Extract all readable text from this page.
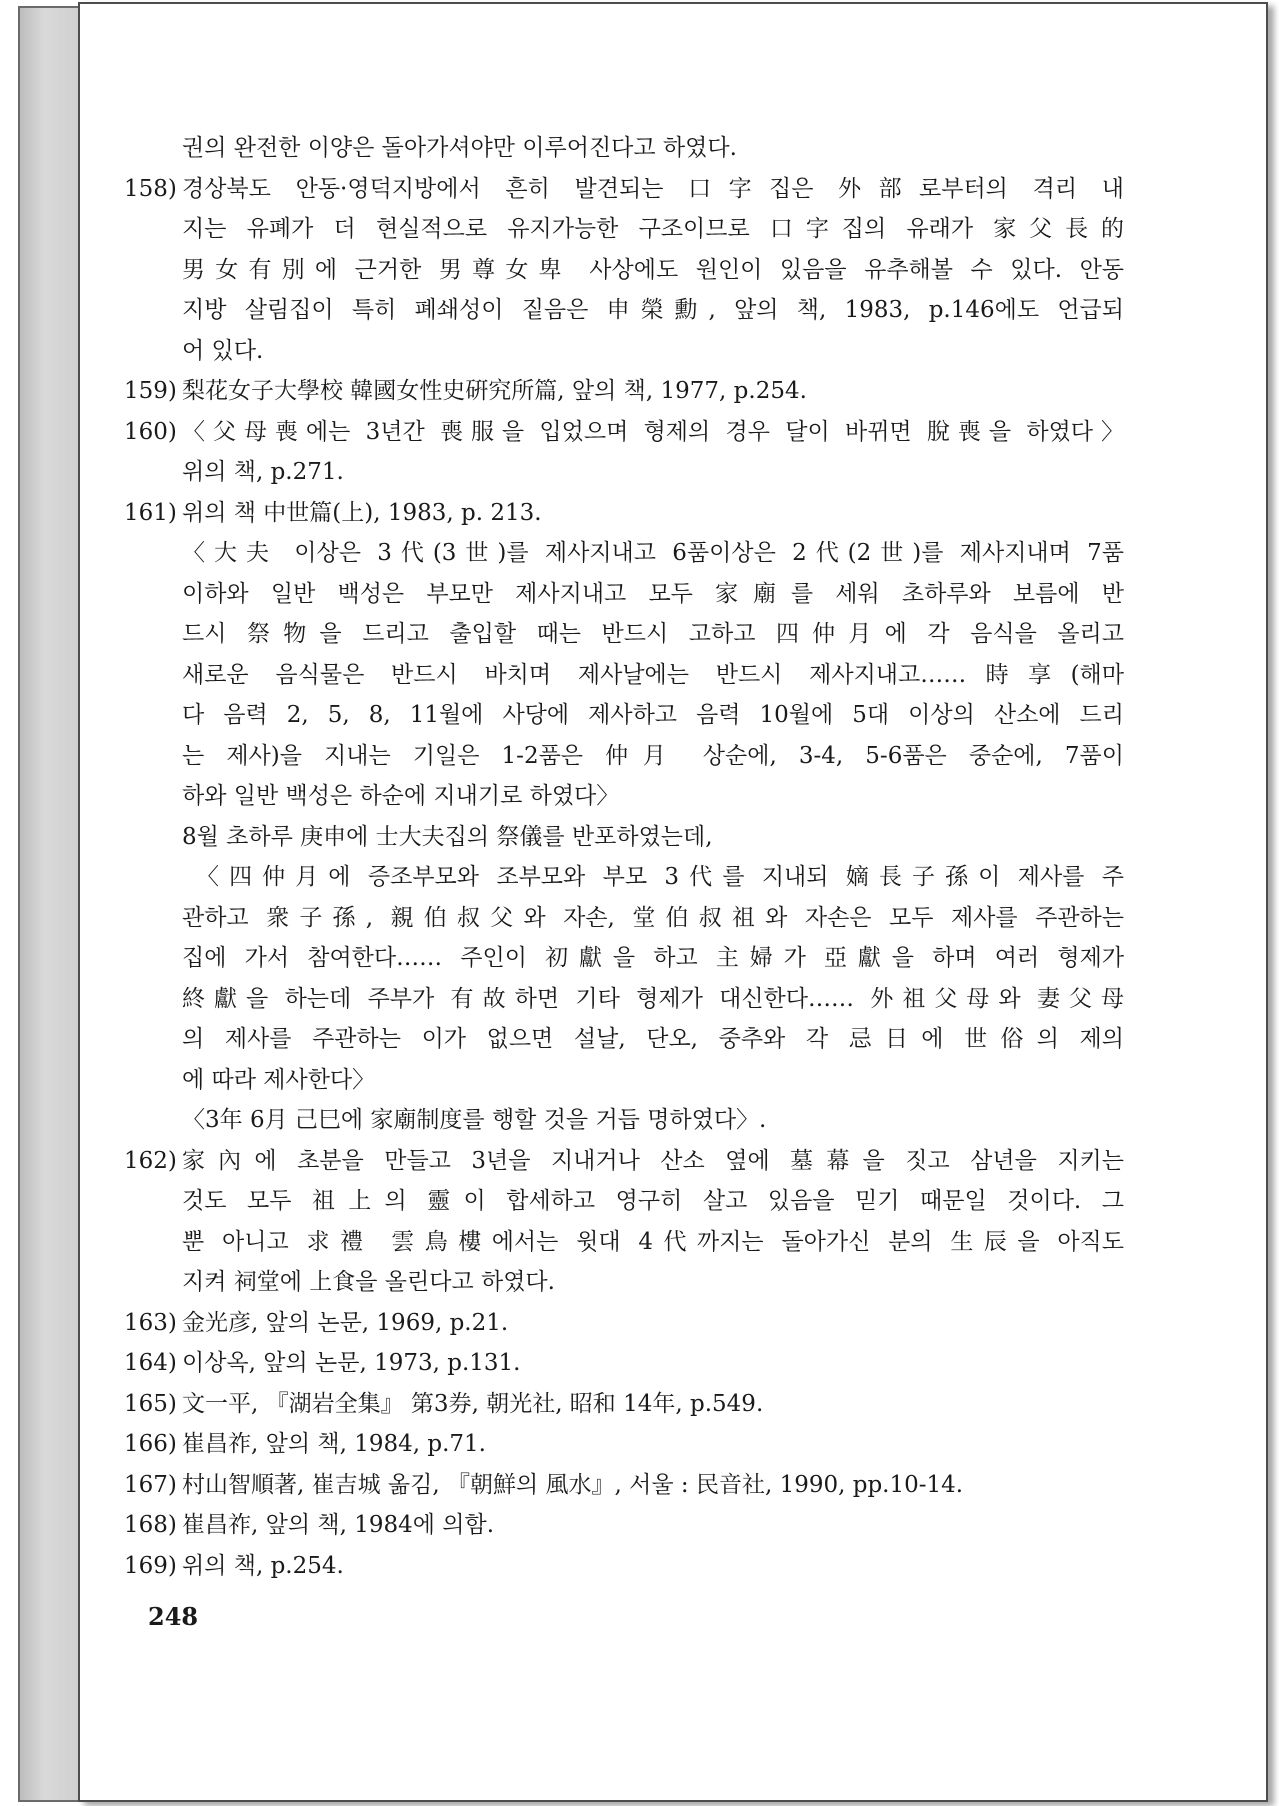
권의 완전한 이양은 돌아가셔야만 이루어진다고 하였다.
158) 경상북도 안동·영덕지방에서 흔히 발견되는 口字집은 外部로부터의 격리 내
지는 유폐가 더 현실적으로 유지가능한 구조이므로 口字집의 유래가 家父長的
男女有別에 근거한 男尊女卑 사상에도 원인이 있음을 유추해볼 수 있다. 안동
지방 살림집이 특히 폐쇄성이 짙음은 申榮勳, 앞의 책, 1983, p.146에도 언급되
어 있다.
159) 梨花女子大學校 韓國女性史硏究所篇, 앞의 책, 1977, p.254.
160) 〈父母喪에는 3년간 喪服을 입었으며 형제의 경우 달이 바뀌면 脫喪을 하였다〉
위의 책, p.271.
161) 위의 책 中世篇(上), 1983, p. 213.
〈大夫 이상은 3代(3世)를 제사지내고 6품이상은 2代(2世)를 제사지내며 7품
이하와 일반 백성은 부모만 제사지내고 모두 家廟를 세워 초하루와 보름에 반
드시 祭物을 드리고 출입할 때는 반드시 고하고 四仲月에 각 음식을 올리고
새로운 음식물은 반드시 바치며 제사날에는 반드시 제사지내고……時享(해마
다 음력 2, 5, 8, 11월에 사당에 제사하고 음력 10월에 5대 이상의 산소에 드리
는 제사)을 지내는 기일은 1-2품은 仲月 상순에, 3-4, 5-6품은 중순에, 7품이
하와 일반 백성은 하순에 지내기로 하였다〉
8월 초하루 庚申에 士大夫집의 祭儀를 반포하였는데,
〈四仲月에 증조부모와 조부모와 부모 3代를 지내되 嫡長子孫이 제사를 주
관하고 衆子孫, 親伯叔父와 자손, 堂伯叔祖와 자손은 모두 제사를 주관하는
집에 가서 참여한다…… 주인이 初獻을 하고 主婦가 亞獻을 하며 여러 형제가
終獻을 하는데 주부가 有故하면 기타 형제가 대신한다…… 外祖父母와 妻父母
의 제사를 주관하는 이가 없으면 설날, 단오, 중추와 각 忌日에 世俗의 제의
에 따라 제사한다〉
〈3年 6月 己巳에 家廟制度를 행할 것을 거듭 명하였다〉.
162) 家內에 초분을 만들고 3년을 지내거나 산소 옆에 墓幕을 짓고 삼년을 지키는
것도 모두 祖上의 靈이 합세하고 영구히 살고 있음을 믿기 때문일 것이다. 그
뿐 아니고 求禮 雲鳥樓에서는 윗대 4代까지는 돌아가신 분의 生辰을 아직도
지켜 祠堂에 上食을 올린다고 하였다.
163) 金光彦, 앞의 논문, 1969, p.21.
164) 이상옥, 앞의 논문, 1973, p.131.
165) 文一平, 『湖岩全集』 第3券, 朝光社, 昭和 14年, p.549.
166) 崔昌祚, 앞의 책, 1984, p.71.
167) 村山智順著, 崔吉城 옮김, 『朝鮮의 風水』, 서울 : 民音社, 1990, pp.10-14.
168) 崔昌祚, 앞의 책, 1984에 의함.
169) 위의 책, p.254.
248
